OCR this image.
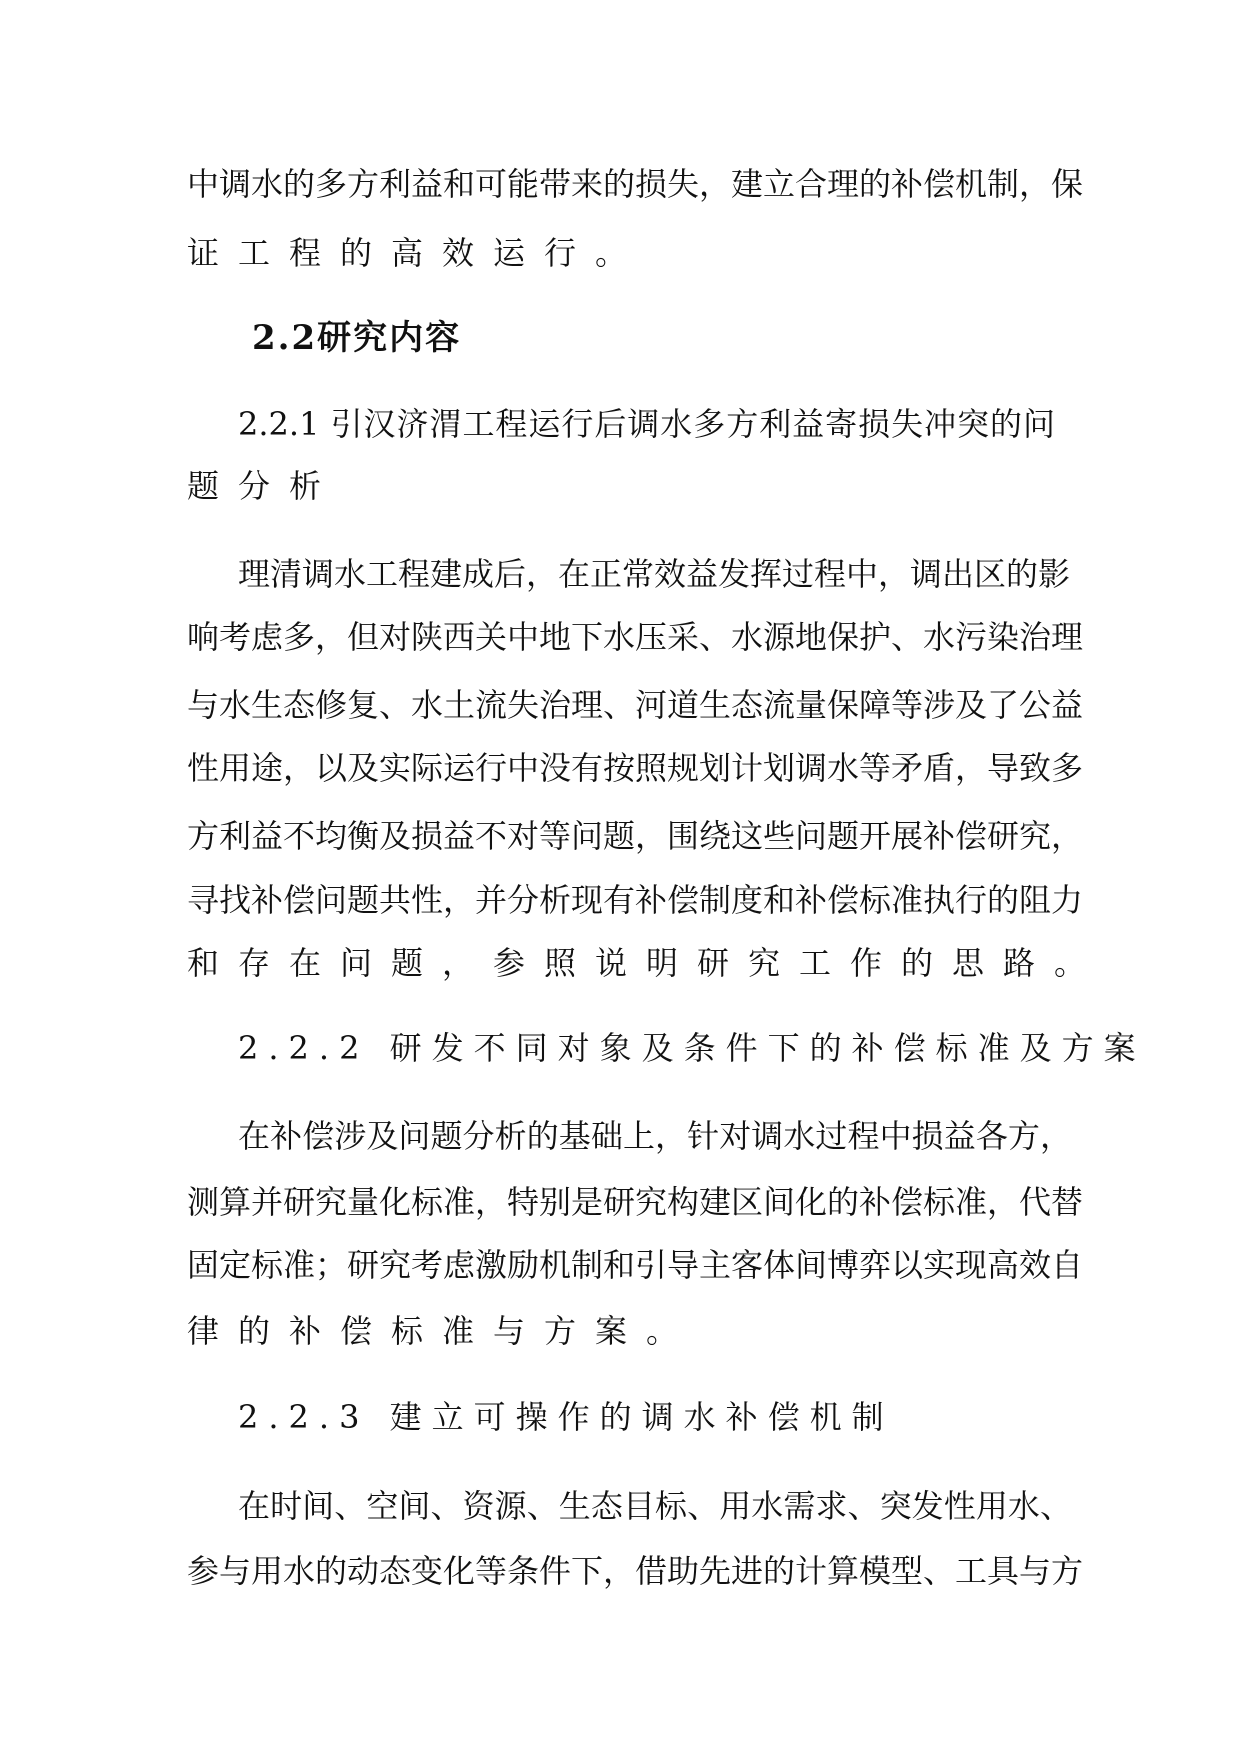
中调水的多方利益和可能带来的损失，建立合理的补偿机制，保
证工程的高效运行。
2.2研究内容
2.2.1 引汉济渭工程运行后调水多方利益寄损失冲突的问
题分析
理清调水工程建成后，在正常效益发挥过程中，调出区的影
响考虑多，但对陕西关中地下水压采、水源地保护、水污染治理
与水生态修复、水土流失治理、河道生态流量保障等涉及了公益
性用途，以及实际运行中没有按照规划计划调水等矛盾，导致多
方利益不均衡及损益不对等问题，围绕这些问题开展补偿研究，
寻找补偿问题共性，并分析现有补偿制度和补偿标准执行的阻力
和存在问题，参照说明研究工作的思路。
2.2.2 研发不同对象及条件下的补偿标准及方案
在补偿涉及问题分析的基础上，针对调水过程中损益各方，
测算并研究量化标准，特别是研究构建区间化的补偿标准，代替
固定标准；研究考虑激励机制和引导主客体间博弈以实现高效自
律的补偿标准与方案。
2.2.3 建立可操作的调水补偿机制
在时间、空间、资源、生态目标、用水需求、突发性用水、
参与用水的动态变化等条件下，借助先进的计算模型、工具与方
